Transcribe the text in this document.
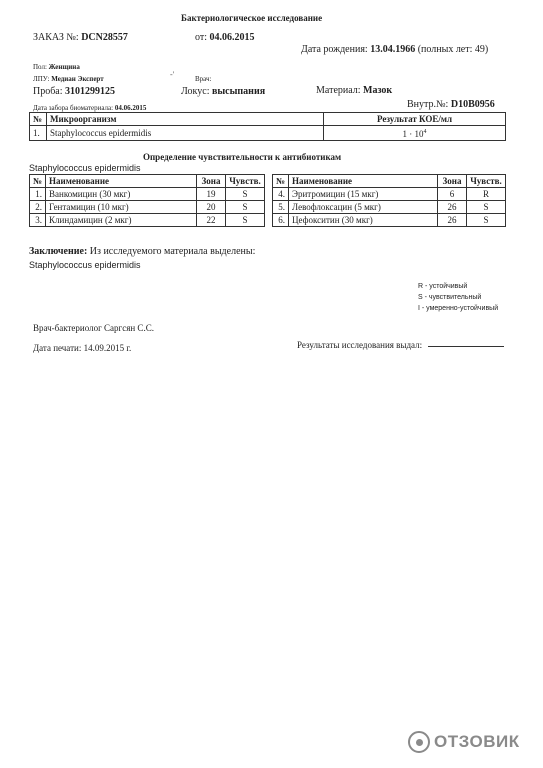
Бактериологическое исследование
ЗАКАЗ №: DCN28557	от: 04.06.2015
Дата рождения: 13.04.1966 (полных лет: 49)
Пол: Женщина
ЛПУ: Медиан Эксперт	-'	Врач:
Проба: 3101299125	Локус: высыпания	Материал: Мазок
Дата забора биоматериала: 04.06.2015	Внутр.№: D10B0956
№	Микроорганизм	Результат КОЕ/мл
1.	Staphylococcus epidermidis	$1 \cdot 10^4$
Определение чувствительности к антибиотикам
Staphylococcus epidermidis
№	Наименование	Зона	Чувств.
1.	Ванкомицин (30 мкг)	19	S
2.	Гентамицин (10 мкг)	20	S
3.	Клиндамицин (2 мкг)	22	S
№	Наименование	Зона	Чувств.
4.	Эритромицин (15 мкг)	6	R
5.	Левофлоксацин (5 мкг)	26	S
6.	Цефокситин (30 мкг)	26	S
Заключение: Из исследуемого материала выделены:
Staphylococcus epidermidis
R - устойчивый
S - чувствительный
I - умеренно-устойчивый
Врач-бактериолог Саргсян С.С.
Дата печати: 14.09.2015 г.	Результаты исследования выдал:
ОТЗОВИК
